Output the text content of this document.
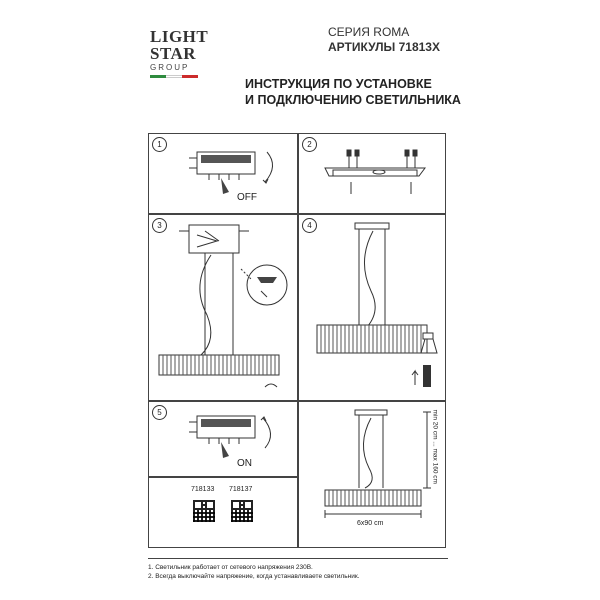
LIGHT
STAR
GROUP
СЕРИЯ ROMA
АРТИКУЛЫ 71813X
ИНСТРУКЦИЯ ПО УСТАНОВКЕ
И ПОДКЛЮЧЕНИЮ СВЕТИЛЬНИКА
1
OFF
2
3	4
5
ON	min 20 cm ... max 160 cm
6x90 cm
718133 718137
1. Светильник работает от сетевого напряжения 230В.
2. Всегда выключайте напряжение, когда устанавливаете светильник.
